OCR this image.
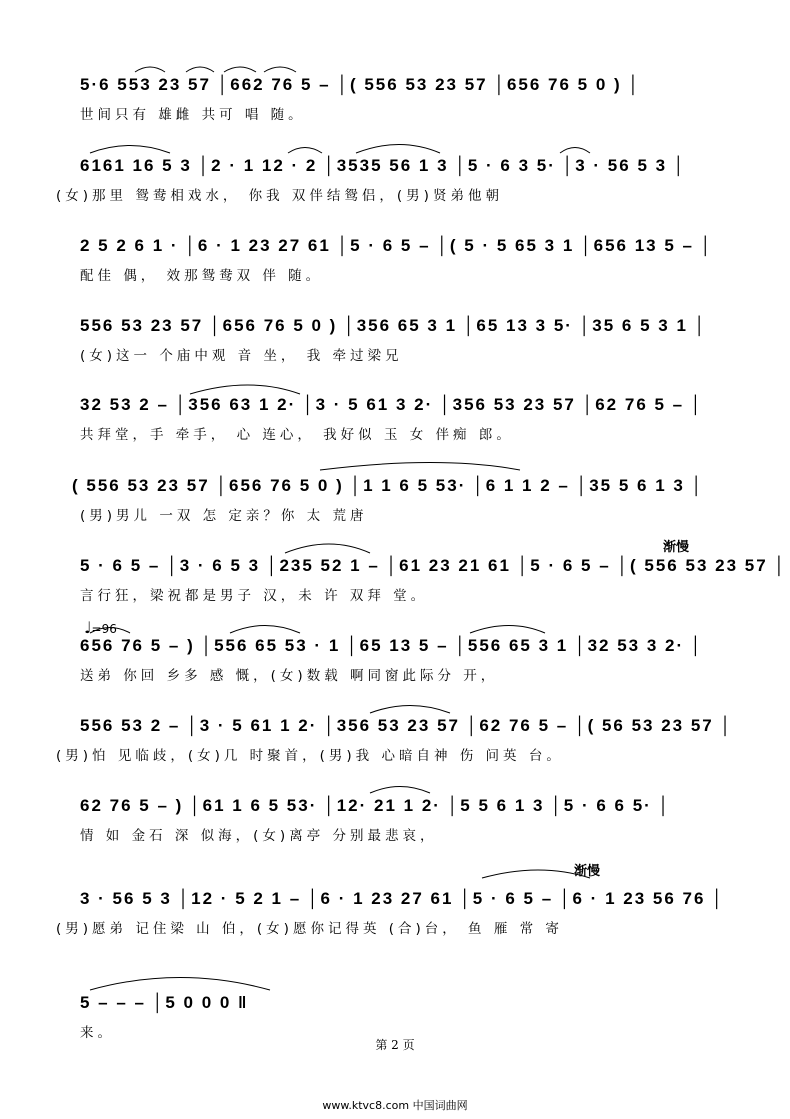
5·6 553 23 57 │662 76 5 – │( 556 53 23 57 │656 76 5 0 ) │
世间只有 雄雌 共可 唱 随。
6161 16 5 3 │2 · 1 12 · 2 │3535 56 1 3 │5 · 6 3 5· │3 · 56 5 3 │
(女)那里 鸳鸯相戏水， 你我 双伴结鸳侣，(男)贤弟他朝
2 5 2 6 1 · │6 · 1 23 27 61 │5 · 6 5 – │( 5 · 5 65 3 1 │656 13 5 – │
配佳 偶， 效那鸳鸯双 伴 随。
556 53 23 57 │656 76 5 0 ) │356 65 3 1 │65 13 3 5· │35 6 5 3 1 │
(女)这一 个庙中观 音 坐， 我 牵过梁兄
32 53 2 – │356 63 1 2· │3 · 5 61 3 2· │356 53 23 57 │62 76 5 – │
共拜堂，手 牵手， 心 连心， 我好似 玉 女 伴痴 郎。
( 556 53 23 57 │656 76 5 0 ) │1 1 6 5 53· │6 1 1 2 – │35 5 6 1 3 │
(男)男儿 一双 怎 定亲？你 太 荒唐
5 · 6 5 – │3 · 6 5 3 │235 52 1 – │61 23 21 61 │5 · 6 5 – │( 556 53 23 57 │
言行狂，梁祝都是男子 汉，未 许 双拜 堂。
渐慢
♩=96
656 76 5 – ) │556 65 53 · 1 │65 13 5 – │556 65 3 1 │32 53 3 2· │
送弟 你回 乡多 感 慨，(女)数载 啊同窗此际分 开，
556 53 2 – │3 · 5 61 1 2· │356 53 23 57 │62 76 5 – │( 56 53 23 57 │
(男)怕 见临歧，(女)几 时聚首，(男)我 心暗自神 伤 问英 台。
62 76 5 – ) │61 1 6 5 53· │12· 21 1 2· │5 5 6 1 3 │5 · 6 6 5· │
情 如 金石 深 似海，(女)离亭 分别最悲哀，
渐慢
3 · 56 5 3 │12 · 5 2 1 – │6 · 1 23 27 61 │5 · 6 5 – │6 · 1 23 56 76 │
(男)愿弟 记住梁 山 伯，(女)愿你记得英 (合)台， 鱼 雁 常 寄
5 – – – │5 0 0 0 ‖
来。
第 2 页
www.ktvc8.com 中国词曲网
